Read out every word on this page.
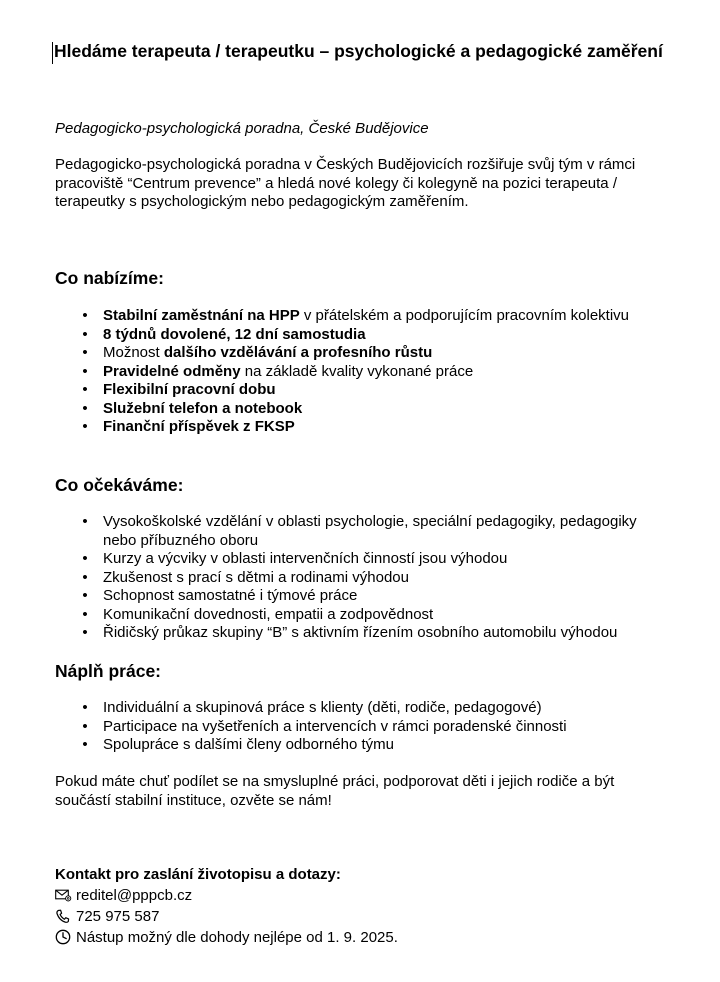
Hledáme terapeuta / terapeutku – psychologické a pedagogické zaměření
Pedagogicko-psychologická poradna, České Budějovice
Pedagogicko-psychologická poradna v Českých Budějovicích rozšiřuje svůj tým v rámci pracoviště “Centrum prevence” a hledá nové kolegy či kolegyně na pozici terapeuta / terapeutky s psychologickým nebo pedagogickým zaměřením.
Co nabízíme:
• Stabilní zaměstnání na HPP v přátelském a podporujícím pracovním kolektivu
• 8 týdnů dovolené, 12 dní samostudia
• Možnost dalšího vzdělávání a profesního růstu
• Pravidelné odměny na základě kvality vykonané práce
• Flexibilní pracovní dobu
• Služební telefon a notebook
• Finanční příspěvek z FKSP
Co očekáváme:
• Vysokoškolské vzdělání v oblasti psychologie, speciální pedagogiky, pedagogiky nebo příbuzného oboru
• Kurzy a výcviky v oblasti intervenčních činností jsou výhodou
• Zkušenost s prací s dětmi a rodinami výhodou
• Schopnost samostatné i týmové práce
• Komunikační dovednosti, empatii a zodpovědnost
• Řidičský průkaz skupiny “B” s aktivním řízením osobního automobilu výhodou
Náplň práce:
• Individuální a skupinová práce s klienty (děti, rodiče, pedagogové)
• Participace na vyšetřeních a intervencích v rámci poradenské činnosti
• Spolupráce s dalšími členy odborného týmu
Pokud máte chuť podílet se na smysluplné práci, podporovat děti i jejich rodiče a být součástí stabilní instituce, ozvěte se nám!
Kontakt pro zaslání životopisu a dotazy:
reditel@pppcb.cz
725 975 587
Nástup možný dle dohody nejlépe od 1. 9. 2025.
